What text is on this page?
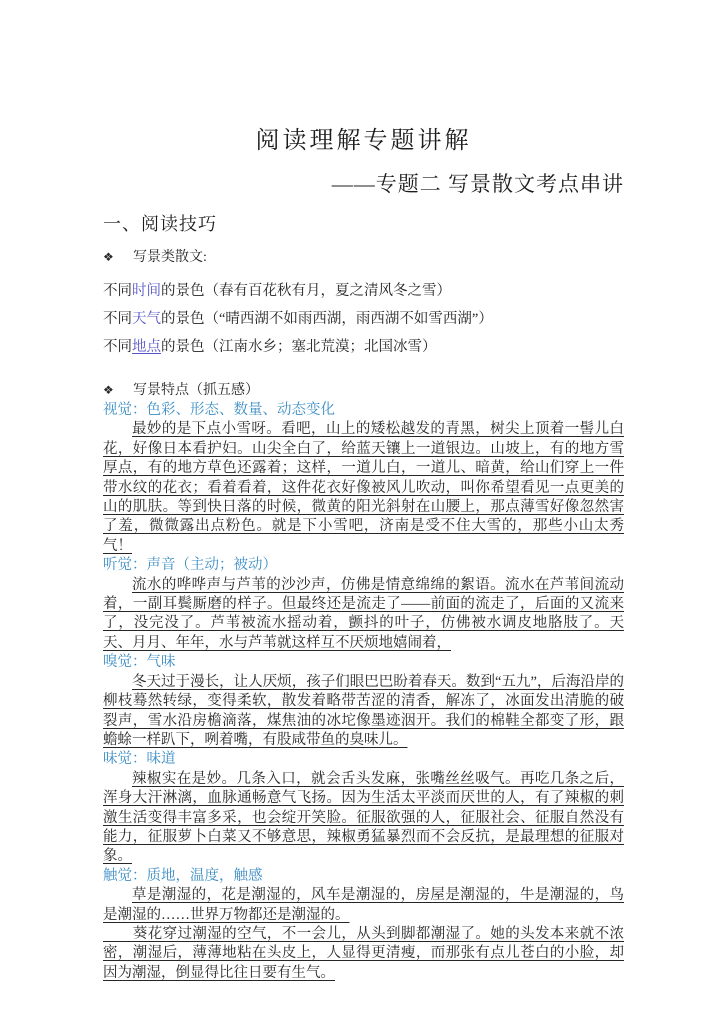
阅读理解专题讲解
——专题二 写景散文考点串讲
一、阅读技巧
❖	写景类散文:

不同时间的景色（春有百花秋有月，夏之清风冬之雪）

不同天气的景色（“晴西湖不如雨西湖，雨西湖不如雪西湖”）

不同地点的景色（江南水乡；塞北荒漠；北国冰雪）

❖	写景特点（抓五感）
视觉：色彩、形态、数量、动态变化

最妙的是下点小雪呀。看吧，山上的矮松越发的青黑，树尖上顶着一髻儿白花，好像日本看护妇。山尖全白了，给蓝天镶上一道银边。山坡上，有的地方雪厚点，有的地方草色还露着；这样，一道儿白，一道儿、暗黄，给山们穿上一件带水纹的花衣；看着看着，这件花衣好像被风儿吹动，叫你希望看见一点更美的山的肌肤。等到快日落的时候，微黄的阳光斜射在山腰上，那点薄雪好像忽然害了羞，微微露出点粉色。就是下小雪吧，济南是受不住大雪的，那些小山太秀气！

听觉：声音（主动；被动）

流水的哗哗声与芦苇的沙沙声，仿佛是情意绵绵的絮语。流水在芦苇间流动着，一副耳鬓厮磨的样子。但最终还是流走了——前面的流走了，后面的又流来了，没完没了。芦苇被流水摇动着，颤抖的叶子，仿佛被水调皮地胳肢了。天天、月月、年年，水与芦苇就这样互不厌烦地嬉闹着，

嗅觉：气味

冬天过于漫长，让人厌烦，孩子们眼巴巴盼着春天。数到“五九”，后海沿岸的柳枝蓦然转绿，变得柔软，散发着略带苦涩的清香，解冻了，冰面发出清脆的破裂声，雪水沿房檐滴落，煤焦油的冰坨像墨迹洇开。我们的棉鞋全都变了形，跟蟾蜍一样趴下，咧着嘴，有股咸带鱼的臭味儿。

味觉：味道

辣椒实在是妙。几条入口，就会舌头发麻，张嘴丝丝吸气。再吃几条之后，浑身大汗淋漓，血脉通畅意气飞扬。因为生活太平淡而厌世的人，有了辣椒的刺激生活变得丰富多采，也会绽开笑脸。征服欲强的人，征服社会、征服自然没有能力，征服萝卜白菜又不够意思，辣椒勇猛暴烈而不会反抗，是最理想的征服对象。

触觉：质地，温度，触感

草是潮湿的，花是潮湿的，风车是潮湿的，房屋是潮湿的，牛是潮湿的，鸟是潮湿的……世界万物都还是潮湿的。

　　葵花穿过潮湿的空气，不一会儿，从头到脚都潮湿了。她的头发本来就不浓密，潮湿后，薄薄地粘在头皮上，人显得更清瘦，而那张有点儿苍白的小脸，却因为潮湿，倒显得比往日要有生气。
